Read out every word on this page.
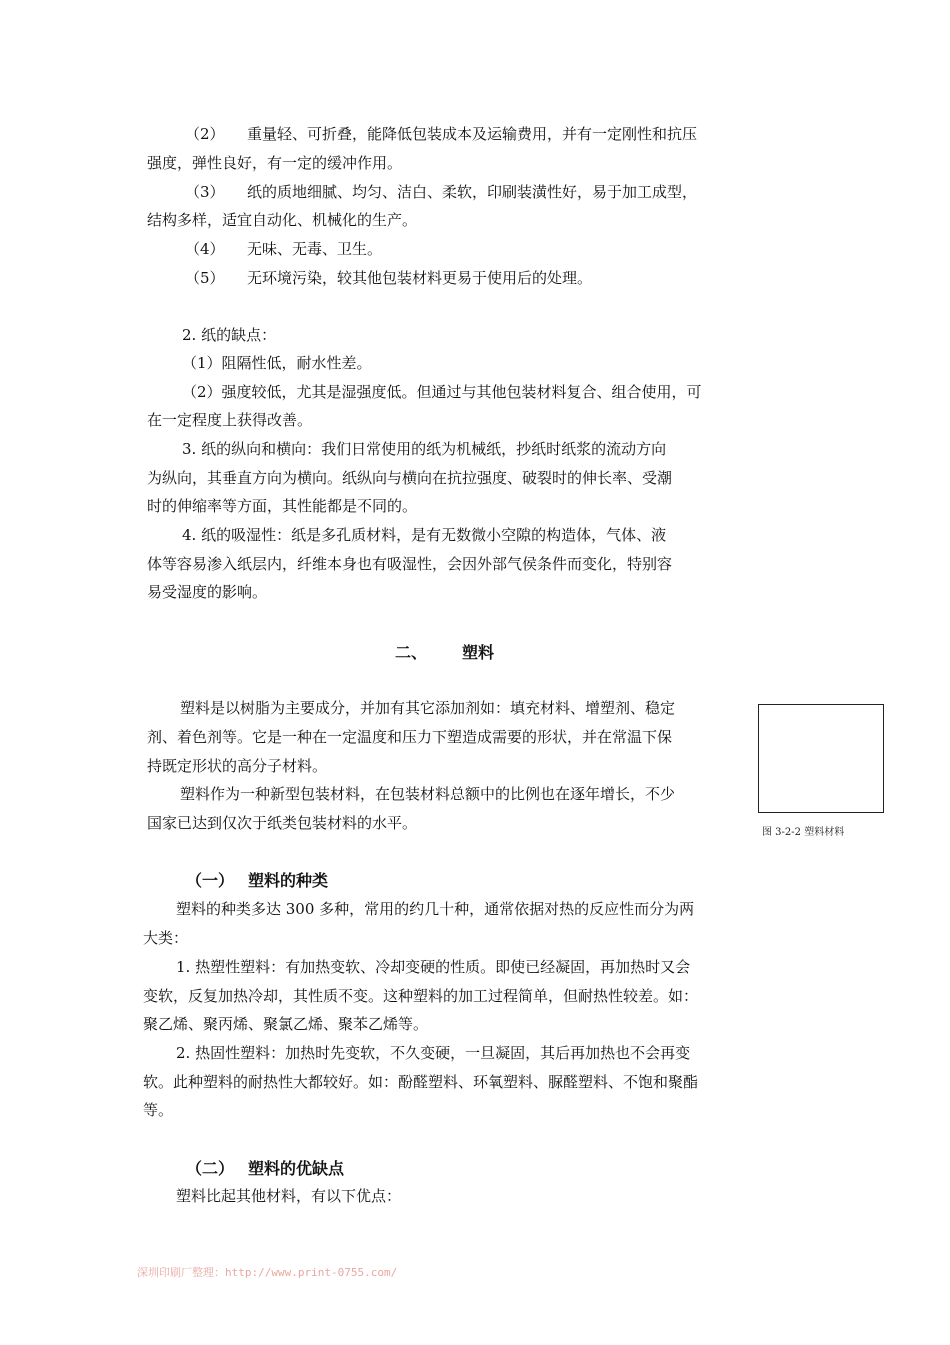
（2） 重量轻、可折叠，能降低包装成本及运输费用，并有一定刚性和抗压
强度，弹性良好，有一定的缓冲作用。
（3） 纸的质地细腻、均匀、洁白、柔软，印刷装潢性好，易于加工成型，
结构多样，适宜自动化、机械化的生产。
（4） 无味、无毒、卫生。
（5） 无环境污染，较其他包装材料更易于使用后的处理。
2. 纸的缺点：
（1）阻隔性低，耐水性差。
（2）强度较低，尤其是湿强度低。但通过与其他包装材料复合、组合使用，可
在一定程度上获得改善。
3. 纸的纵向和横向：我们日常使用的纸为机械纸，抄纸时纸浆的流动方向
为纵向，其垂直方向为横向。纸纵向与横向在抗拉强度、破裂时的伸长率、受潮
时的伸缩率等方面，其性能都是不同的。
4. 纸的吸湿性：纸是多孔质材料，是有无数微小空隙的构造体，气体、液
体等容易渗入纸层内，纤维本身也有吸湿性，会因外部气侯条件而变化，特别容
易受湿度的影响。
二、 塑料
塑料是以树脂为主要成分，并加有其它添加剂如：填充材料、增塑剂、稳定
剂、着色剂等。它是一种在一定温度和压力下塑造成需要的形状，并在常温下保
持既定形状的高分子材料。
塑料作为一种新型包装材料，在包装材料总额中的比例也在逐年增长，不少
国家已达到仅次于纸类包装材料的水平。
图 3-2-2 塑料材料
（一） 塑料的种类
塑料的种类多达 300 多种，常用的约几十种，通常依据对热的反应性而分为两
大类：
1. 热塑性塑料：有加热变软、冷却变硬的性质。即使已经凝固，再加热时又会
变软，反复加热冷却，其性质不变。这种塑料的加工过程简单，但耐热性较差。如：
聚乙烯、聚丙烯、聚氯乙烯、聚苯乙烯等。
2. 热固性塑料：加热时先变软，不久变硬，一旦凝固，其后再加热也不会再变
软。此种塑料的耐热性大都较好。如：酚醛塑料、环氧塑料、脲醛塑料、不饱和聚酯
等。
（二） 塑料的优缺点
塑料比起其他材料，有以下优点：
深圳印刷厂整理：http://www.print-0755.com/
